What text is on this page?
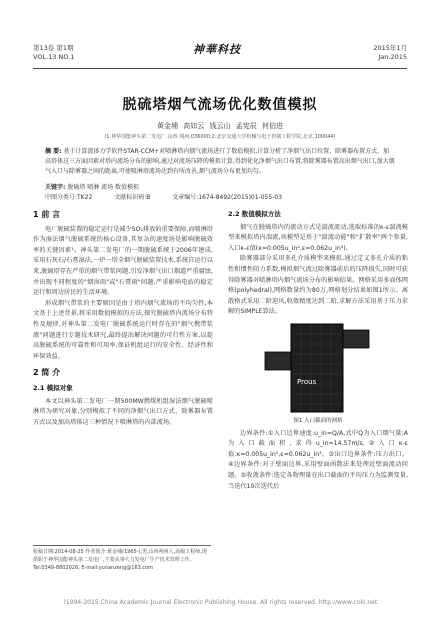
第13卷 第1期
VOL.13 NO.1
神華科技	2015年1月
Jan.2015
脱硫塔烟气流场优化数值模拟
黄金埔 高如云 钱云山 孟宪辰 何伯进
(1.神华国能神头第二发电厂,山西 朔州,036000;2.北京交通大学机械与电子控制工程学院,北京,100044)
摘 要: 基于计算流体力学软件STAR-CCM+对喷淋塔内烟气流场进行了数值模拟,计算分析了净烟气出口位置、除雾器布置方式、加高塔体这三方面因素对塔内流场分布的影响,通过对流场压降的模拟计算,得到优化净烟气出口布置,将除雾器布置高出烟气出口,加大烟气入口与除雾器之间的距离,可使喷淋塔流场达到有所改善,烟气流场分布更加均匀。
关键字: 脱硫塔 喷淋 流场 数值模拟
中图分类号:TK22	文献标识码:B	文章编号:1674-8492(2015)01-055-03
1 前 言

电厂脱硫装置的稳定运行是减少SO₂排放的重要保障,而喷淋塔作为湿法烟气脱硫系统的核心设备,其复杂的速度场是影响脱硫效率的关键因素¹。神头第二发电厂的一期脱硫系统于2006年建成,采用石灰石/石膏湿法,一炉一塔全烟气脱硫装置技术,系统自运行以来,脱硫塔存在严重的烟气带浆问题,引发净烟气出口烟道严重腐蚀,并出现不同程度的"烟囱雨"或"石膏雨"问题,严重影响电站的稳定运行和周边居民的生活环境。

形成烟气带浆的主要原因是由于塔内烟气流场的不均匀性,本文基于上述背景,将采用数值模拟的方法,探究脱硫塔内流场分布特性及规律,对神头第二发电厂脱硫系统运行时存在的"烟气携带浆液"问题进行专题技术研究,最终提出解决问题的可行性方案,以提高脱硫系统的可靠性和可用率,保证机组运行的安全性、经济性和环保效益。

2 简 介
2.1 模拟对象

本文以神头第二发电厂一期500MW燃煤机组湿法烟气脱硫喷淋塔为研究对象,分别模拟了不同的净烟气出口方式、除雾器布置方式以及加高塔体这三种情况下喷淋塔的内部流场。

2.2 数值模拟方法

烟气在脱硫塔内的流动方式是湍流流动,选取标准的κ-ε湍流模型来模拟塔内湍流,该模型是基于"湍流动能"和"扩散率"两个参量,入口κ-ε值(κ=0.005u_in²,ε=0.062u_in³)。

除雾器部分采用多孔介质模型来模拟,通过定义多孔介质的粘性和惯性阻力系数,模拟烟气流过除雾器前后的压降损失,同时可获得除雾器对喷淋塔内烟气流场分布的影响结果。网格采用多面体网格(polyhedral),网格数量约为80万,网格划分结果如图1所示。离散格式采用二阶迎风,收敛精度达到二阶,求解方法采用基于压力求解的SIMPLE算法。

Prous
图1 入口截面的网格

边界条件:①入口边界速度:u_in=Q/A,式中Q为入口烟气量;A为入口截面积,求得u_in=14.57m/s,②入口κ-ε值:κ=0.005u_in²,ε=0.062u_in³。③出口边界条件:压力出口。④边界条件:对于壁面边界,采用壁面函数法来处理近壁面流动问题。⑤收敛条件:选定各物理量在出口截面的平均压力为监测变量,当迭代10次迭代后

收稿日期:2014-08-25 作者简介:黄金埔(1965-),男,山西朔州人,高级工程师,现供职于神华国能神头第二发电厂,主要从事火力发电厂生产技术管理工作。Tel:0349-8802026, E-mail:yunanzeng@163.com
?1994-2015 China Academic Journal Electronic Publishing House. All rights reserved. http://www.cnki.net
